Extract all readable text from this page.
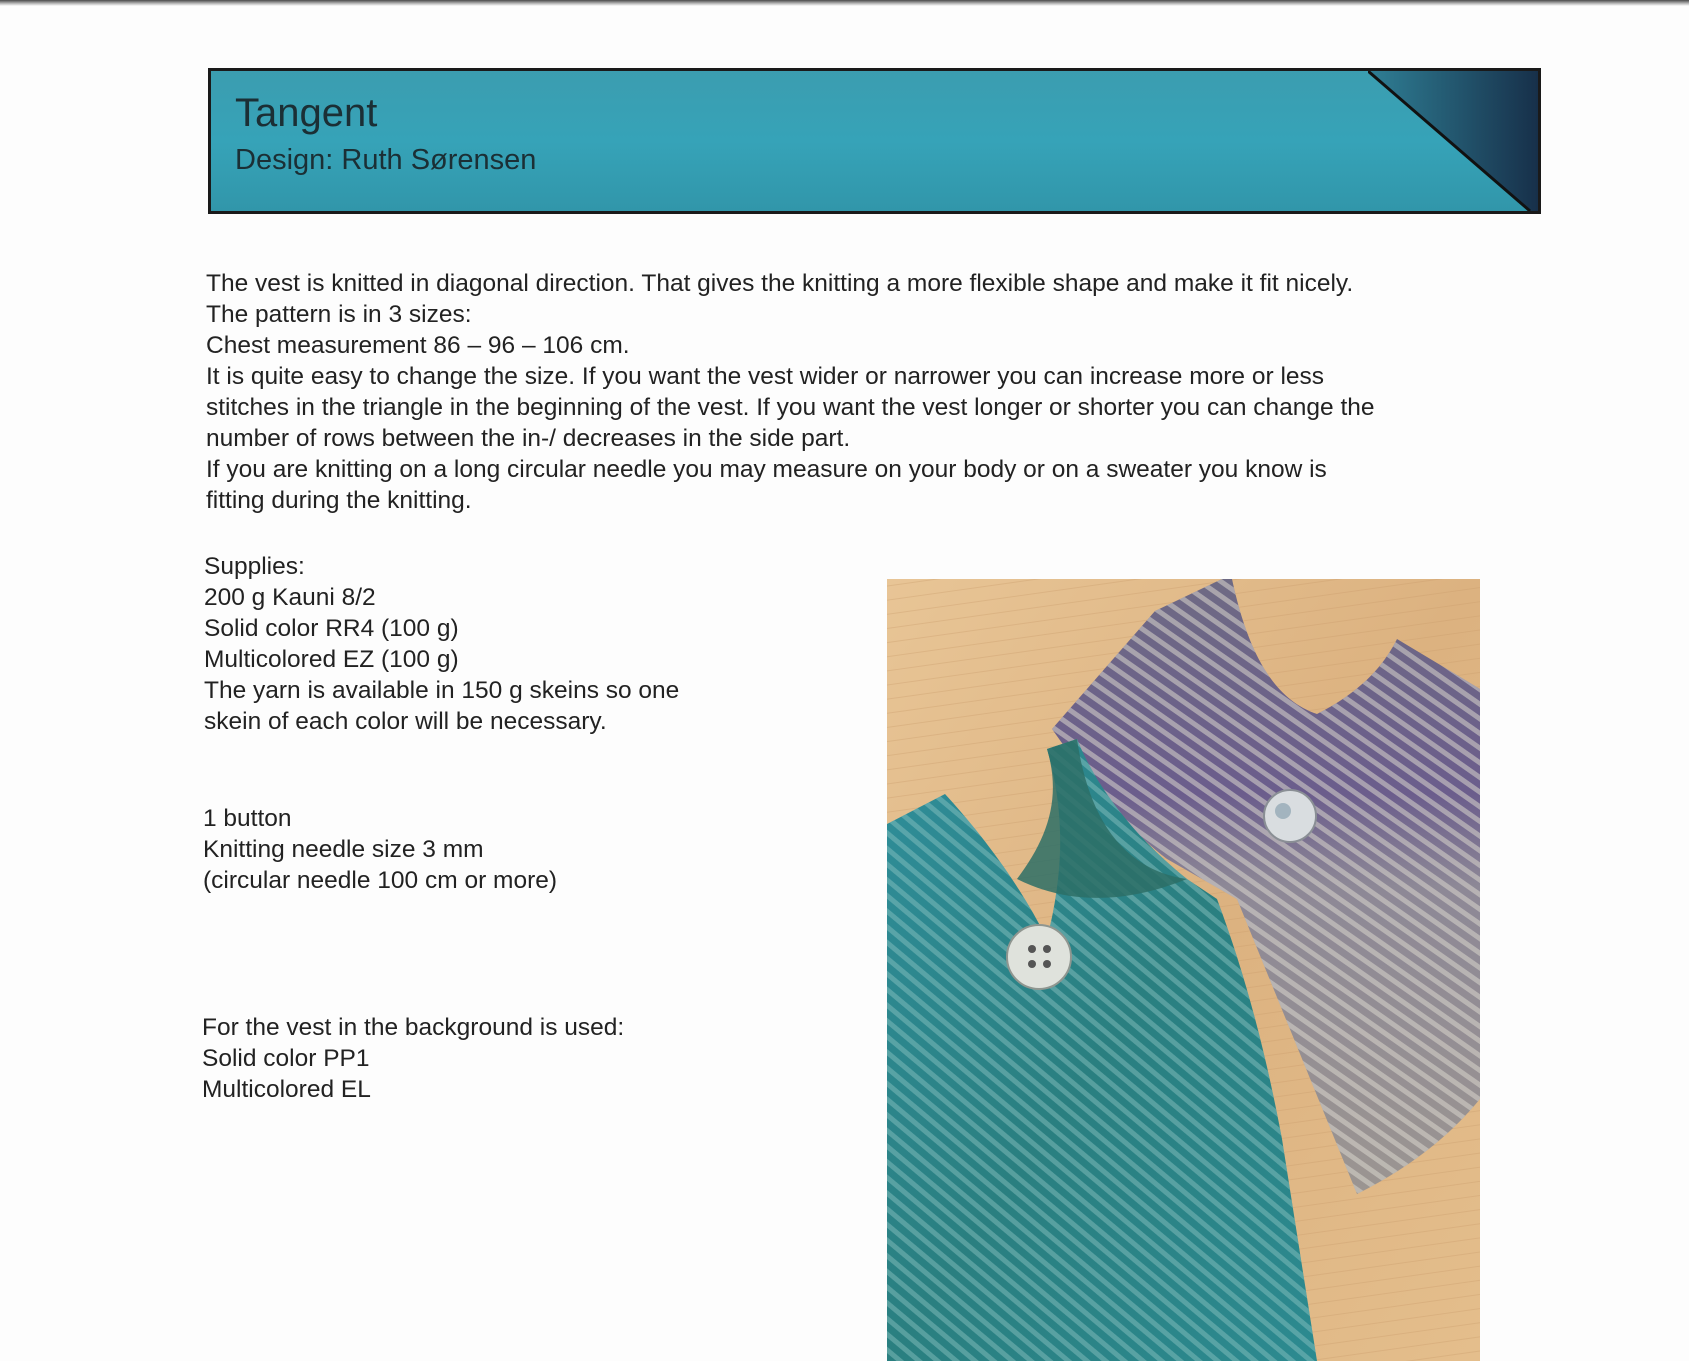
Tangent
Design: Ruth Sørensen

The vest is knitted in diagonal direction. That gives the knitting a more flexible shape and make it fit nicely.

The pattern is in 3 sizes:

Chest measurement 86 – 96 – 106 cm.

It is quite easy to change the size. If you want the vest wider or narrower you can increase more or less

stitches in the triangle in the beginning of the vest. If you want the vest longer or shorter you can change the

number of rows between the in-/ decreases in the side part.

If you are knitting on a long circular needle you may measure on your body or on a sweater you know is

fitting during the knitting.

Supplies:

200 g Kauni 8/2

Solid color RR4 (100 g)

Multicolored EZ (100 g)

The yarn is available in 150 g skeins so one

skein of each color will be necessary.

1 button

Knitting needle size 3 mm

(circular needle 100 cm or more)

For the vest in the background is used:

Solid color PP1

Multicolored EL
